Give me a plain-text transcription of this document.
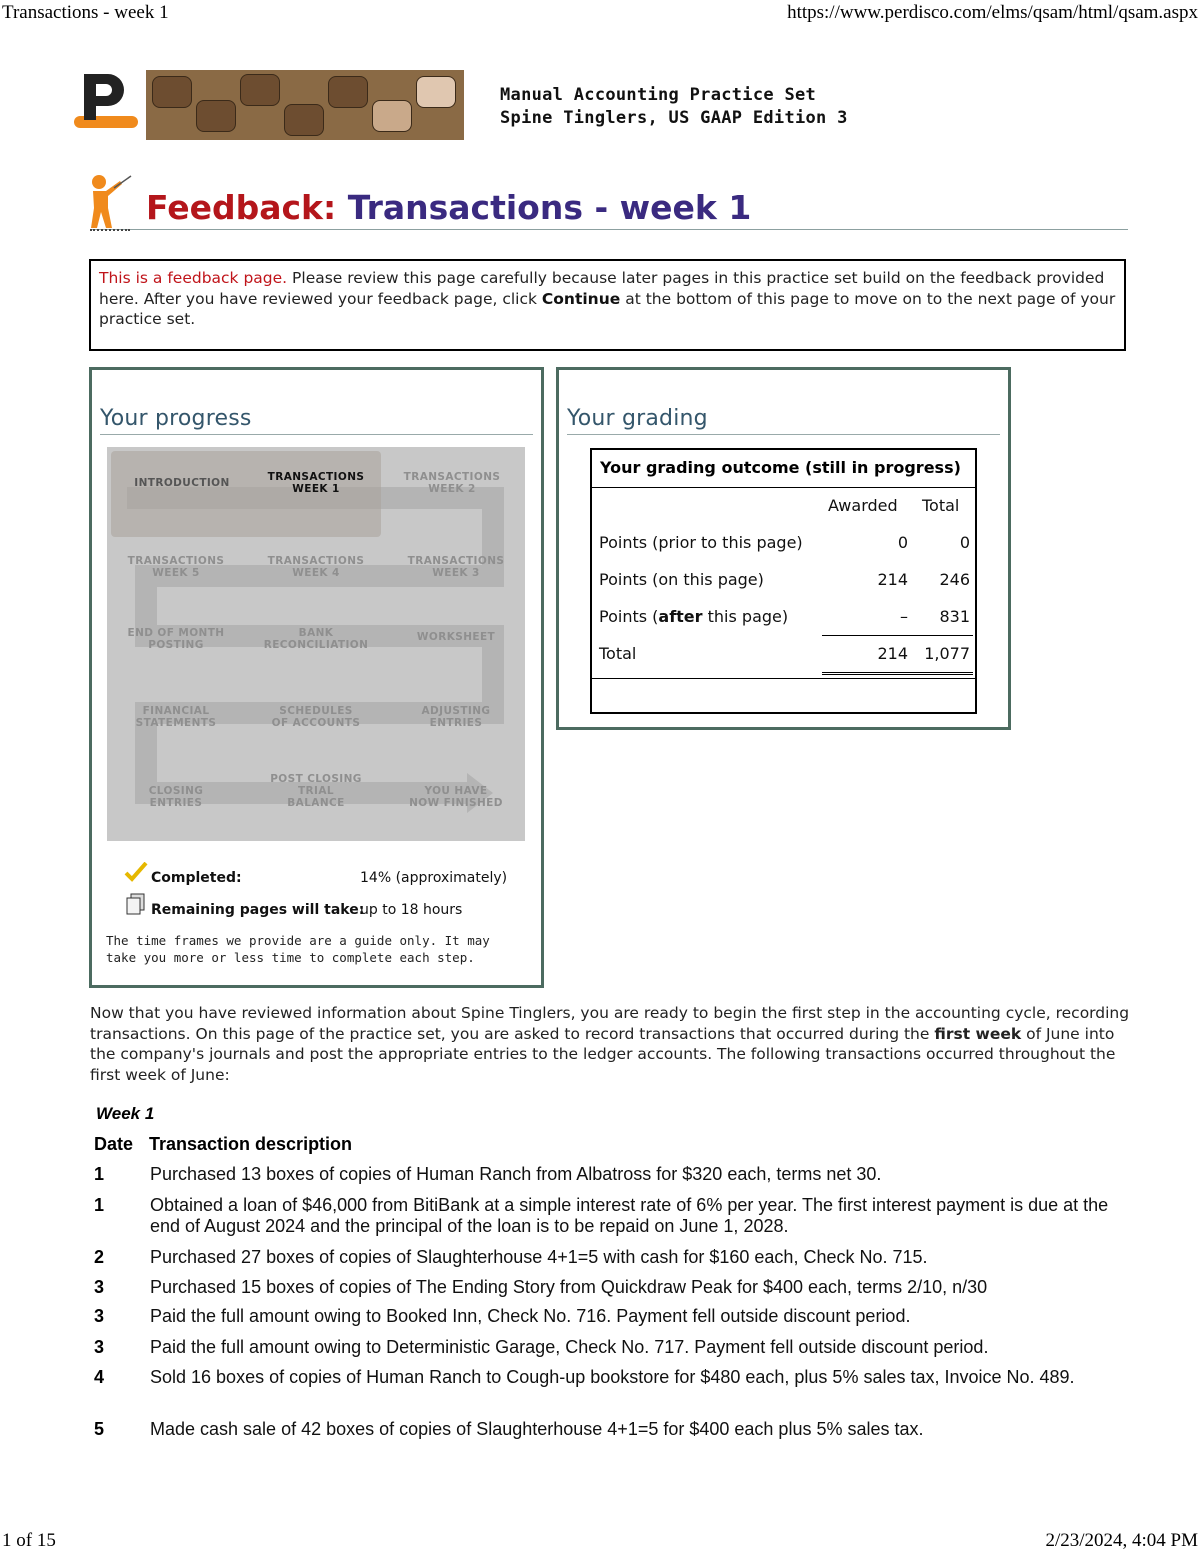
Transactions - week 1	https://www.perdisco.com/elms/qsam/html/qsam.aspx
1 of 15	2/23/2024, 4:04 PM
Manual Accounting Practice Set
Spine Tinglers, US GAAP Edition 3
Feedback: Transactions - week 1
This is a feedback page. Please review this page carefully because later pages in this practice set build on the feedback provided here. After you have reviewed your feedback page, click Continue at the bottom of this page to move on to the next page of your practice set.
Your progress
INTRODUCTION	TRANSACTIONS
WEEK 1
TRANSACTIONS
WEEK 2
TRANSACTIONS
WEEK 5
TRANSACTIONS
WEEK 4
TRANSACTIONS
WEEK 3
END OF MONTH
POSTING
BANK
RECONCILIATION
WORKSHEET
FINANCIAL
STATEMENTS
SCHEDULES
OF ACCOUNTS
ADJUSTING
ENTRIES
CLOSING
ENTRIES
POST CLOSING
TRIAL
BALANCE
YOU HAVE
NOW FINISHED
Completed:	14% (approximately)
Remaining pages will take:
up to 18 hours
The time frames we provide are a guide only. It may take you more or less time to complete each step.
Your grading
Your grading outcome (still in progress)
Awarded Total
Points (prior to this page)	0	0
Points (on this page)	214	246
Points (after this page)	–	831
Total	214	1,077
Now that you have reviewed information about Spine Tinglers, you are ready to begin the first step in the accounting cycle, recording transactions. On this page of the practice set, you are asked to record transactions that occurred during the first week of June into the company's journals and post the appropriate entries to the ledger accounts. The following transactions occurred throughout the first week of June:
Week 1
Date Transaction description
1	Purchased 13 boxes of copies of Human Ranch from Albatross for $320 each, terms net 30.
1	Obtained a loan of $46,000 from BitiBank at a simple interest rate of 6% per year. The first interest payment is due at the end of August 2024 and the principal of the loan is to be repaid on June 1, 2028.
2	Purchased 27 boxes of copies of Slaughterhouse 4+1=5 with cash for $160 each, Check No. 715.
3	Purchased 15 boxes of copies of The Ending Story from Quickdraw Peak for $400 each, terms 2/10, n/30
3	Paid the full amount owing to Booked Inn, Check No. 716. Payment fell outside discount period.
3	Paid the full amount owing to Deterministic Garage, Check No. 717. Payment fell outside discount period.
4	Sold 16 boxes of copies of Human Ranch to Cough-up bookstore for $480 each, plus 5% sales tax, Invoice No. 489.
5	Made cash sale of 42 boxes of copies of Slaughterhouse 4+1=5 for $400 each plus 5% sales tax.
